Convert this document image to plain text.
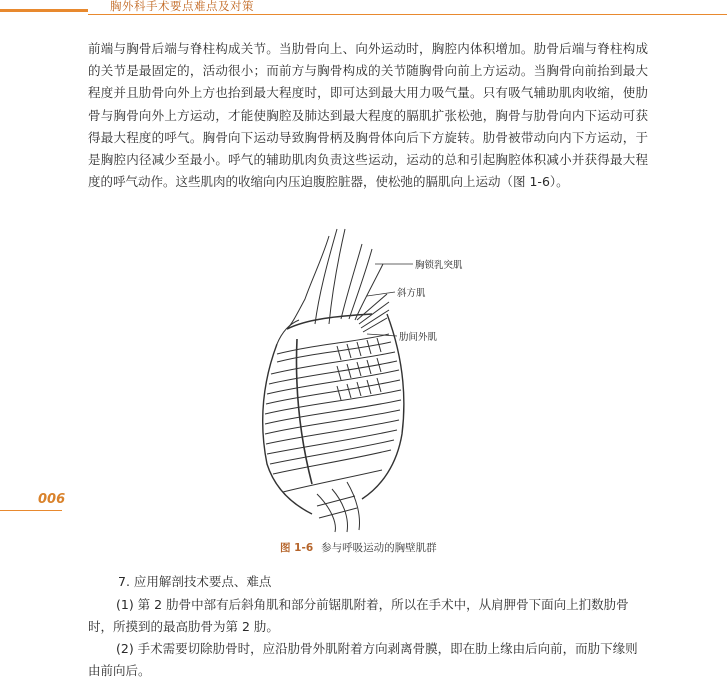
胸外科手术要点难点及对策

前端与胸骨后端与脊柱构成关节。当肋骨向上、向外运动时，胸腔内体积增加。肋骨后端与脊柱构成的关节是最固定的，活动很小；而前方与胸骨构成的关节随胸骨向前上方运动。当胸骨向前抬到最大程度并且肋骨向外上方也抬到最大程度时，即可达到最大用力吸气量。只有吸气辅助肌肉收缩，使肋骨与胸骨向外上方运动，才能使胸腔及肺达到最大程度的膈肌扩张松弛，胸骨与肋骨向内下运动可获得最大程度的呼气。胸骨向下运动导致胸骨柄及胸骨体向后下方旋转。肋骨被带动向内下方运动，于是胸腔内径减少至最小。呼气的辅助肌肉负责这些运动，运动的总和引起胸腔体积减小并获得最大程度的呼气动作。这些肌肉的收缩向内压迫腹腔脏器，使松弛的膈肌向上运动（图 1-6）。

胸锁乳突肌
斜方肌
肋间外肌
图 1-6 参与呼吸运动的胸壁肌群
006
7. 应用解剖技术要点、难点

(1) 第 2 肋骨中部有后斜角肌和部分前锯肌附着，所以在手术中，从肩胛骨下面向上扪数肋骨时，所摸到的最高肋骨为第 2 肋。

(2) 手术需要切除肋骨时，应沿肋骨外肌附着方向剥离骨膜，即在肋上缘由后向前，而肋下缘则由前向后。
